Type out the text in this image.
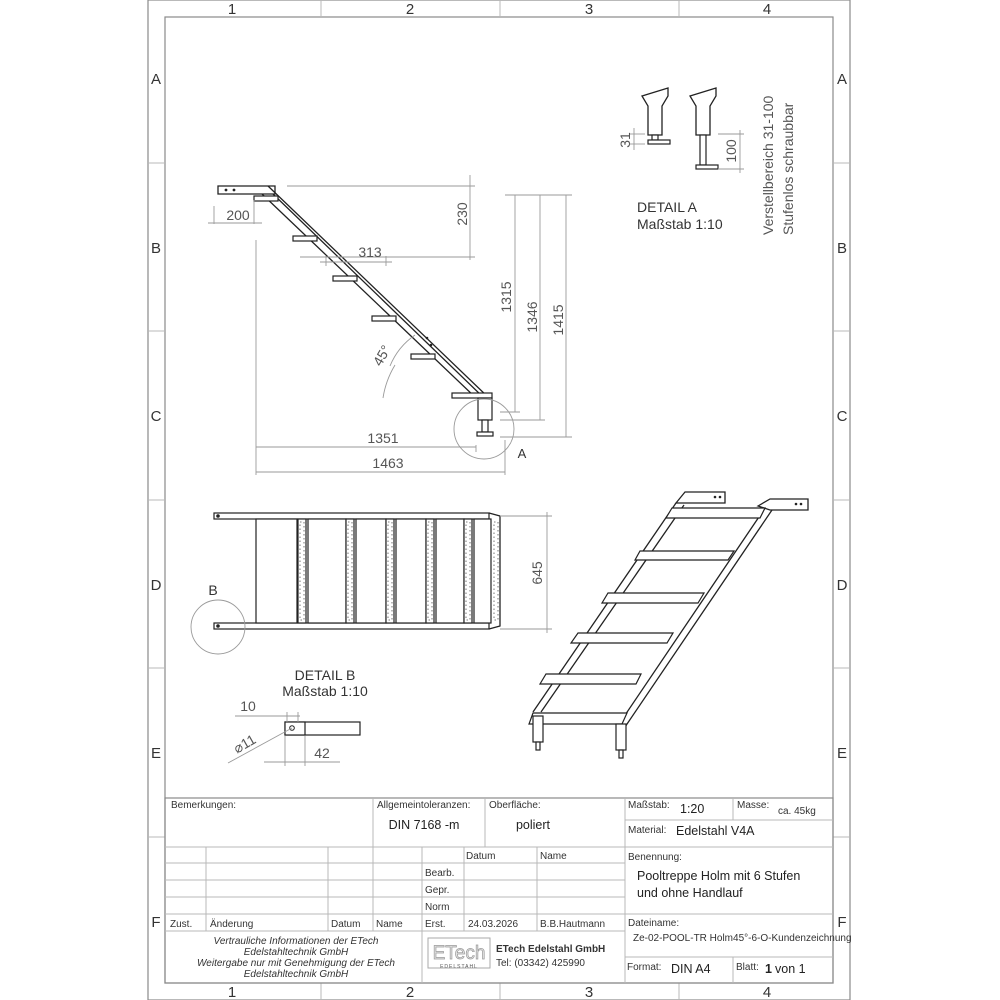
1	2	3	4
1	2	3	4
A
B
C
D
E
F
A
B
C
D
E
F
200	230
313
1315
1346 1415
45°
1351
1463
A
31	100
DETAIL A
Maßstab 1:10	Verstellbereich 31-100 Stufenlos schraubbar
645
B
DETAIL B
Maßstab 1:10
10
⌀11	42
Bemerkungen:	Allgemeintoleranzen:
DIN 7168 -m
Oberfläche:
poliert
Maßstab: 1:20	Masse:
ca. 45kg
Material: Edelstahl V4A
Datum	Name
Bearb.
Gepr.
Norm
Erst. 24.03.2026 B.B.Hautmann
Zust. Änderung	Datum Name
Benennung:
Pooltreppe Holm mit 6 Stufen
und ohne Handlauf
Dateiname:
Ze-02-POOL-TR Holm45°-6-O-Kundenzeichnung
Vertrauliche Informationen der ETech
Edelstahltechnik GmbH
Weitergabe nur mit Genehmigung der ETech
Edelstahltechnik GmbH
ETech
EDELSTAHL
ETech Edelstahl GmbH
Tel: (03342) 425990	Format: DIN A4	Blatt: 1 von 1
